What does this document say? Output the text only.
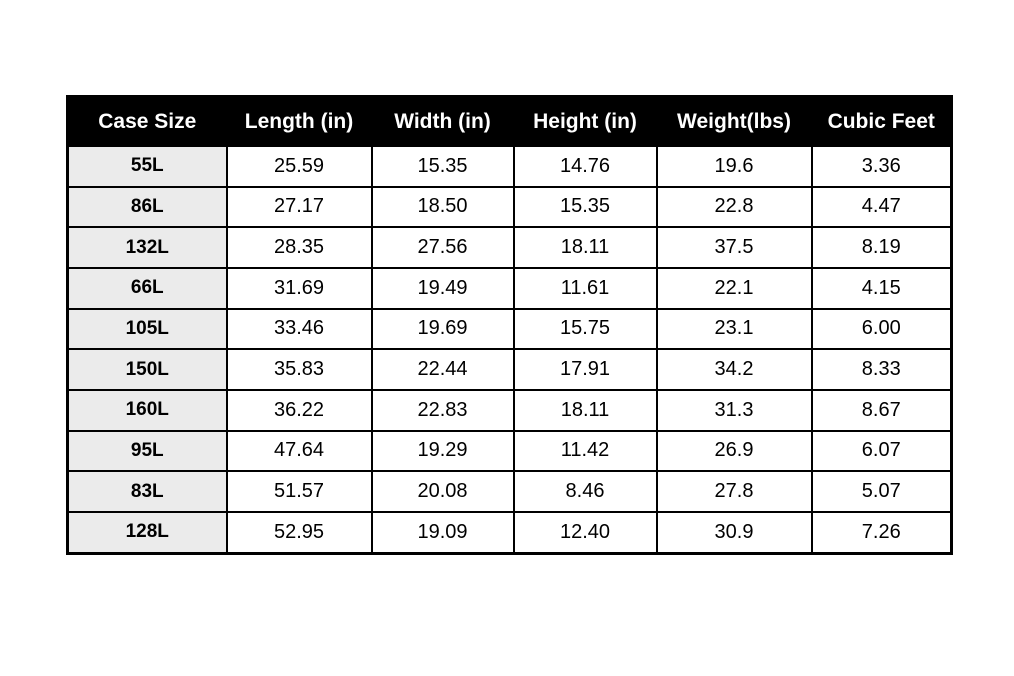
Case Size	Length (in)	Width (in)	Height (in)	Weight(lbs)	Cubic Feet
55L	25.59	15.35	14.76	19.6	3.36
86L	27.17	18.50	15.35	22.8	4.47
132L	28.35	27.56	18.11	37.5	8.19
66L	31.69	19.49	11.61	22.1	4.15
105L	33.46	19.69	15.75	23.1	6.00
150L	35.83	22.44	17.91	34.2	8.33
160L	36.22	22.83	18.11	31.3	8.67
95L	47.64	19.29	11.42	26.9	6.07
83L	51.57	20.08	8.46	27.8	5.07
128L	52.95	19.09	12.40	30.9	7.26
